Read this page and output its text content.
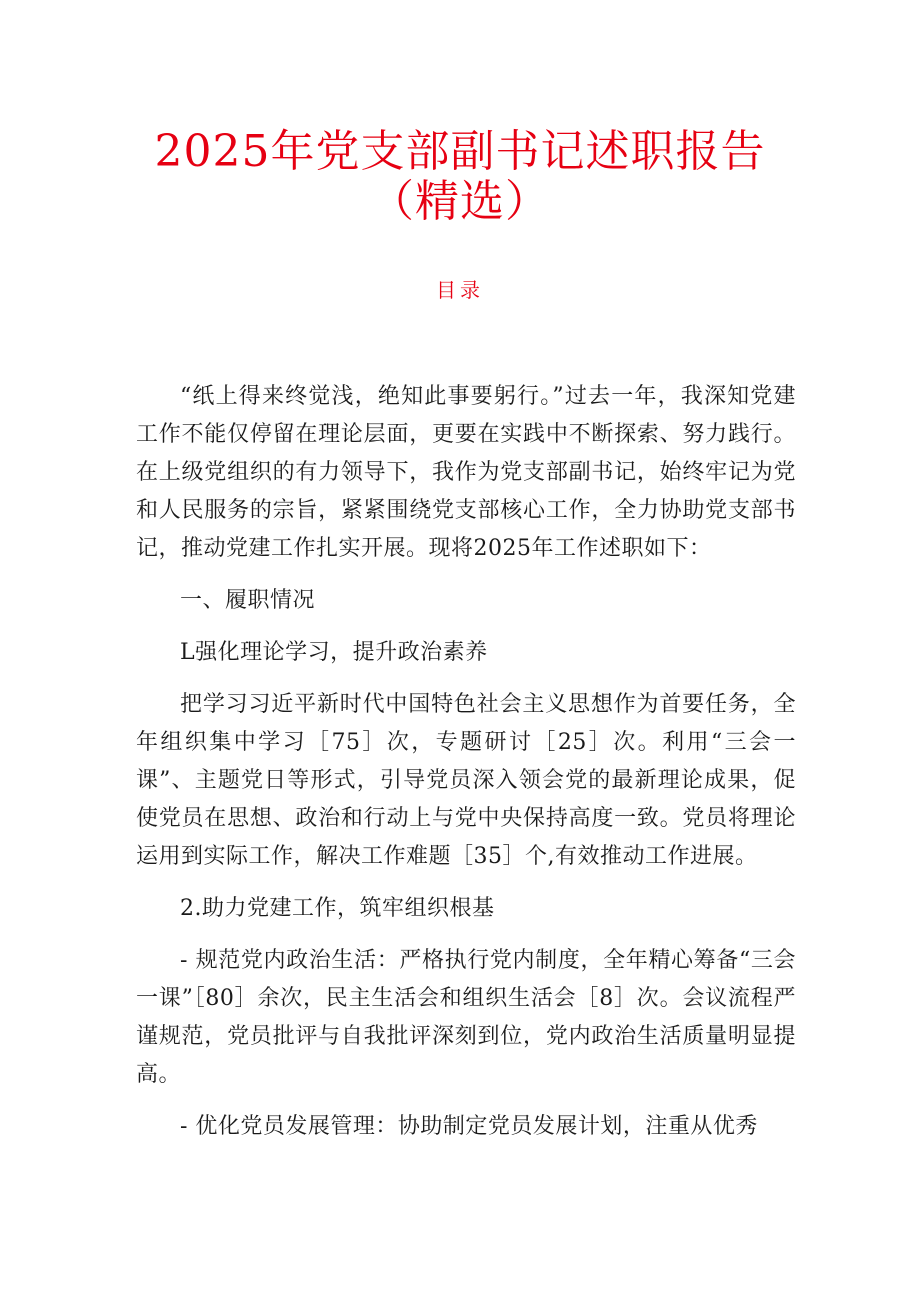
2025年党支部副书记述职报告
（精选）
目录

“纸上得来终觉浅，绝知此事要躬行。”过去一年，我深知党建工作不能仅停留在理论层面，更要在实践中不断探索、努力践行。在上级党组织的有力领导下，我作为党支部副书记，始终牢记为党和人民服务的宗旨，紧紧围绕党支部核心工作，全力协助党支部书记，推动党建工作扎实开展。现将2025年工作述职如下：

一、履职情况

L强化理论学习，提升政治素养

把学习习近平新时代中国特色社会主义思想作为首要任务，全年组织集中学习［75］次，专题研讨［25］次。利用“三会一课”、主题党日等形式，引导党员深入领会党的最新理论成果，促使党员在思想、政治和行动上与党中央保持高度一致。党员将理论运用到实际工作，解决工作难题［35］个,有效推动工作进展。

2.助力党建工作，筑牢组织根基

- 规范党内政治生活：严格执行党内制度，全年精心筹备“三会一课”［80］余次，民主生活会和组织生活会［8］次。会议流程严谨规范，党员批评与自我批评深刻到位，党内政治生活质量明显提高。

- 优化党员发展管理：协助制定党员发展计划，注重从优秀
